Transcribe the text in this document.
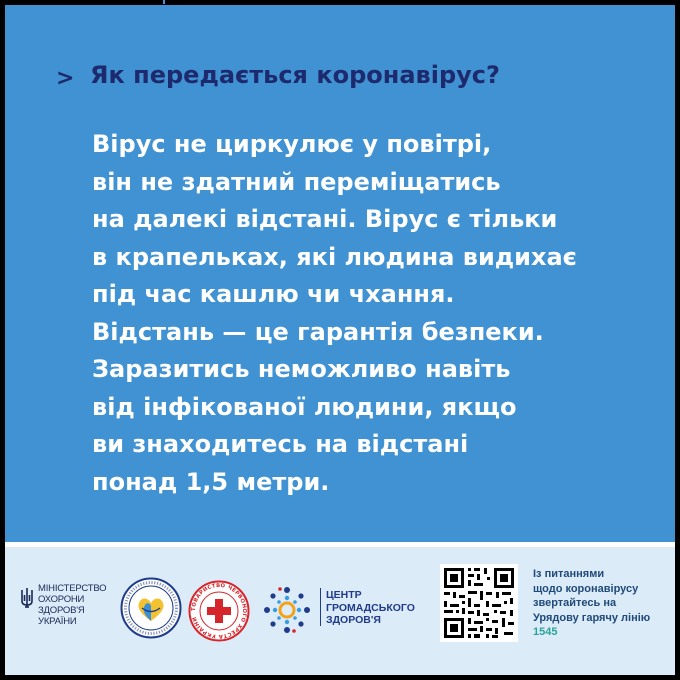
> Як передається коронавірус?
Вірус не циркулює у повітрі,
він не здатний переміщатись
на далекі відстані. Вірус є тільки
в крапельках, які людина видихає
під час кашлю чи чхання.
Відстань — це гарантія безпеки.
Заразитись неможливо навіть
від інфікованої людини, якщо
ви знаходитесь на відстані
понад 1,5 метри.
МІНІСТЕРСТВО
ОХОРОНИ
ЗДОРОВ'Я
УКРАЇНИ
ТОВАРИСТВО ЧЕРВОНОГО ХРЕСТА УКРАЇНИ
ЦЕНТР
ГРОМАДСЬКОГО
ЗДОРОВ'Я
Із питаннями
щодо коронавірусу
звертайтесь на
Урядову гарячу лінію
1545
